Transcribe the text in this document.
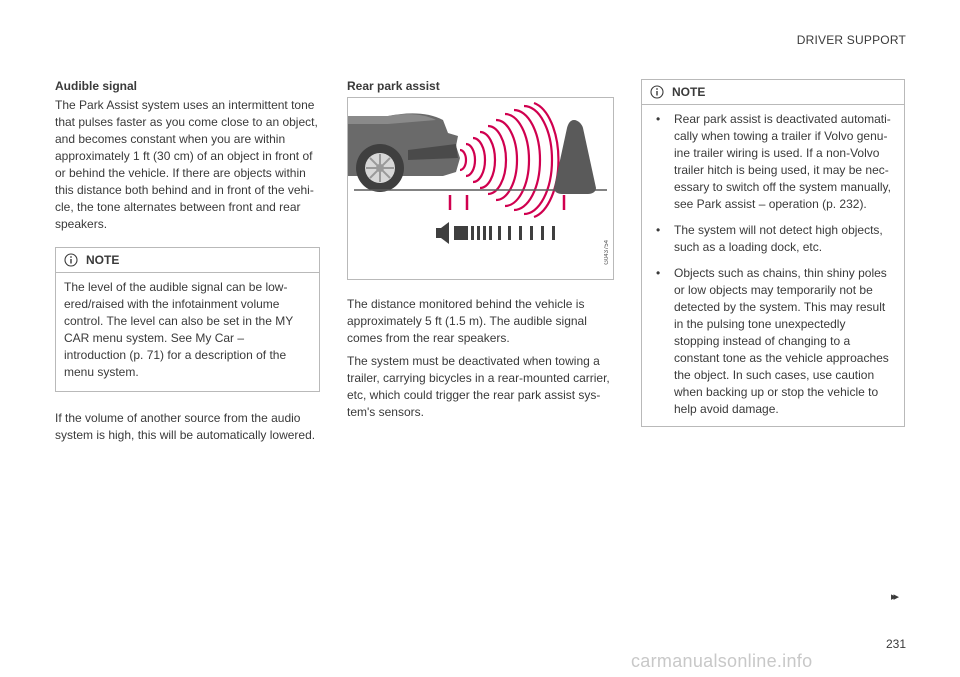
DRIVER SUPPORT
Audible signal

The Park Assist system uses an intermittent tone that pulses faster as you come close to an object, and becomes constant when you are within approximately 1 ft (30 cm) of an object in front of or behind the vehicle. If there are objects within this distance both behind and in front of the vehi-cle, the tone alternates between front and rear speakers.

NOTE

The level of the audible signal can be low-ered/raised with the infotainment volume control. The level can also be set in the MY CAR menu system. See My Car – introduction (p. 71) for a description of the menu system.

If the volume of another source from the audio system is high, this will be automatically lowered.

Rear park assist
G043754

The distance monitored behind the vehicle is approximately 5 ft (1.5 m). The audible signal comes from the rear speakers.

The system must be deactivated when towing a trailer, carrying bicycles in a rear-mounted carrier, etc, which could trigger the rear park assist sys-tem's sensors.

NOTE
• Rear park assist is deactivated automati-cally when towing a trailer if Volvo genu-ine trailer wiring is used. If a non-Volvo trailer hitch is being used, it may be nec-essary to switch off the system manually, see Park assist – operation (p. 232).
• The system will not detect high objects, such as a loading dock, etc.
• Objects such as chains, thin shiny poles or low objects may temporarily not be detected by the system. This may result in the pulsing tone unexpectedly stopping instead of changing to a constant tone as the vehicle approaches the object. In such cases, use caution when backing up or stop the vehicle to help avoid damage.
▸▸
231
carmanualsonline.info
